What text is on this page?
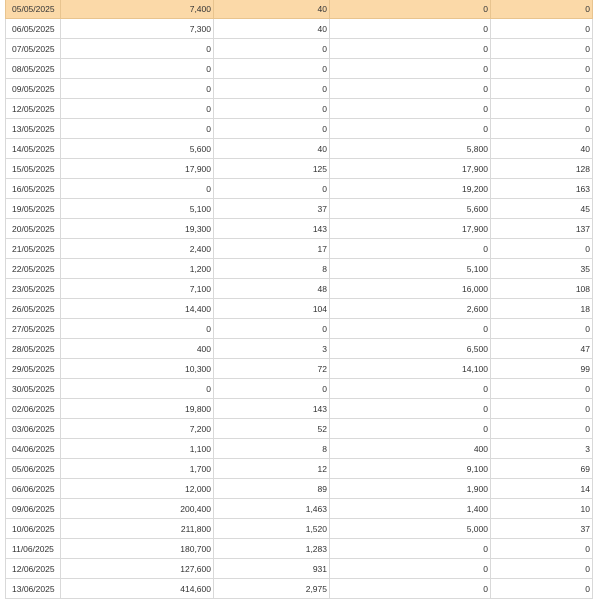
05/05/2025	7,400	40	0	0
06/05/2025	7,300	40	0	0
07/05/2025	0	0	0	0
08/05/2025	0	0	0	0
09/05/2025	0	0	0	0
12/05/2025	0	0	0	0
13/05/2025	0	0	0	0
14/05/2025	5,600	40	5,800	40
15/05/2025	17,900	125	17,900	128
16/05/2025	0	0	19,200	163
19/05/2025	5,100	37	5,600	45
20/05/2025	19,300	143	17,900	137
21/05/2025	2,400	17	0	0
22/05/2025	1,200	8	5,100	35
23/05/2025	7,100	48	16,000	108
26/05/2025	14,400	104	2,600	18
27/05/2025	0	0	0	0
28/05/2025	400	3	6,500	47
29/05/2025	10,300	72	14,100	99
30/05/2025	0	0	0	0
02/06/2025	19,800	143	0	0
03/06/2025	7,200	52	0	0
04/06/2025	1,100	8	400	3
05/06/2025	1,700	12	9,100	69
06/06/2025	12,000	89	1,900	14
09/06/2025	200,400	1,463	1,400	10
10/06/2025	211,800	1,520	5,000	37
11/06/2025	180,700	1,283	0	0
12/06/2025	127,600	931	0	0
13/06/2025	414,600	2,975	0	0
